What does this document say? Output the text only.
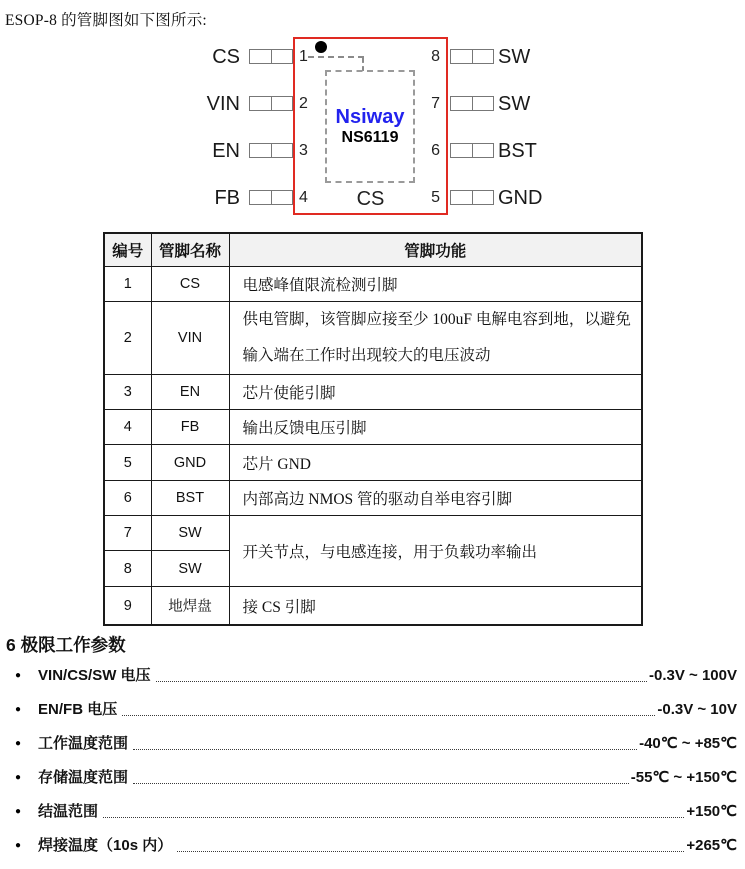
ESOP-8 的管脚图如下图所示:
Nsiway
NS6119
CS
CS
VIN
EN
FB
1
2
3
4
8
7
6
5
SW
SW
BST
GND
编号	管脚名称	管脚功能
1	CS	电感峰值限流检测引脚
2	VIN	供电管脚，该管脚应接至少 100uF 电解电容到地，以避免输入端在工作时出现较大的电压波动
3	EN	芯片使能引脚
4	FB	输出反馈电压引脚
5	GND	芯片 GND
6	BST	内部高边 NMOS 管的驱动自举电容引脚
7	SW	开关节点，与电感连接，用于负载功率输出
8	SW	
9	地焊盘	接 CS 引脚
6 极限工作参数
● VIN/CS/SW 电压	-0.3V ~ 100V
● EN/FB 电压	-0.3V ~ 10V
● 工作温度范围	-40℃ ~ +85℃
● 存储温度范围	-55℃ ~ +150℃
● 结温范围	+150℃
● 焊接温度（10s 内）	+265℃
